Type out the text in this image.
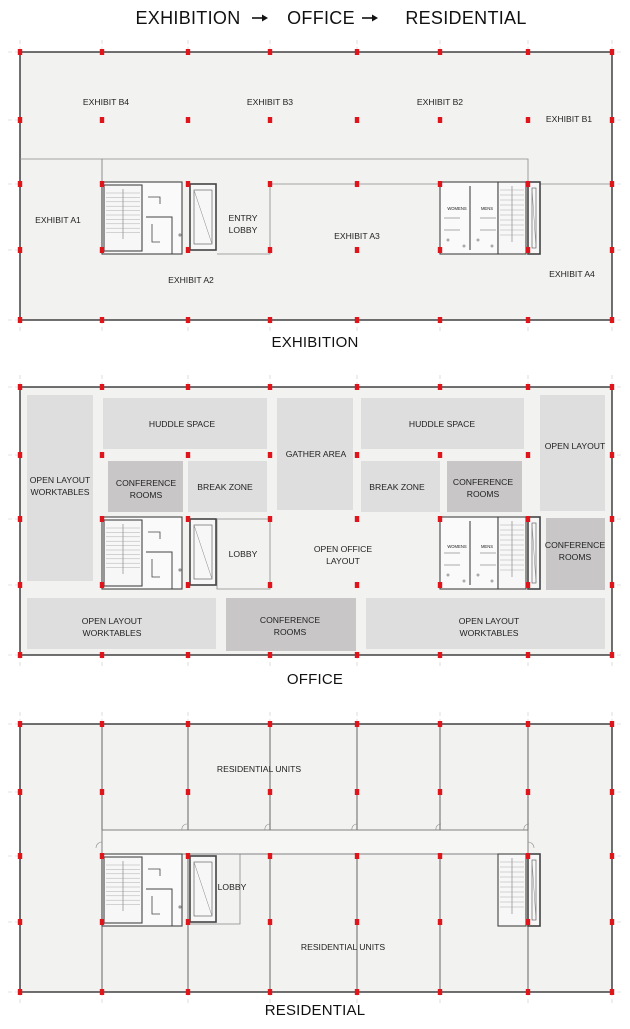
EXHIBITION	OFFICE	RESIDENTIAL
EXHIBIT B4	EXHIBIT B3	EXHIBIT B2
EXHIBIT B1
EXHIBIT A1	ENTRY
LOBBY
EXHIBIT A3
EXHIBIT A2
EXHIBIT A4
WOMENS	MENS
EXHIBITION
HUDDLE SPACE	HUDDLE SPACE
GATHER AREA
OPEN LAYOUT
OPEN LAYOUT
WORKTABLES
CONFERENCE
ROOMS
BREAK ZONE	BREAK ZONE	CONFERENCE
ROOMS
CONFERENCE
ROOMS
LOBBY	OPEN OFFICE
LAYOUT
OPEN LAYOUT
WORKTABLES
CONFERENCE
ROOMS
OPEN LAYOUT
WORKTABLES
WOMENS	MENS
OFFICE
RESIDENTIAL UNITS
LOBBY
RESIDENTIAL UNITS
RESIDENTIAL
